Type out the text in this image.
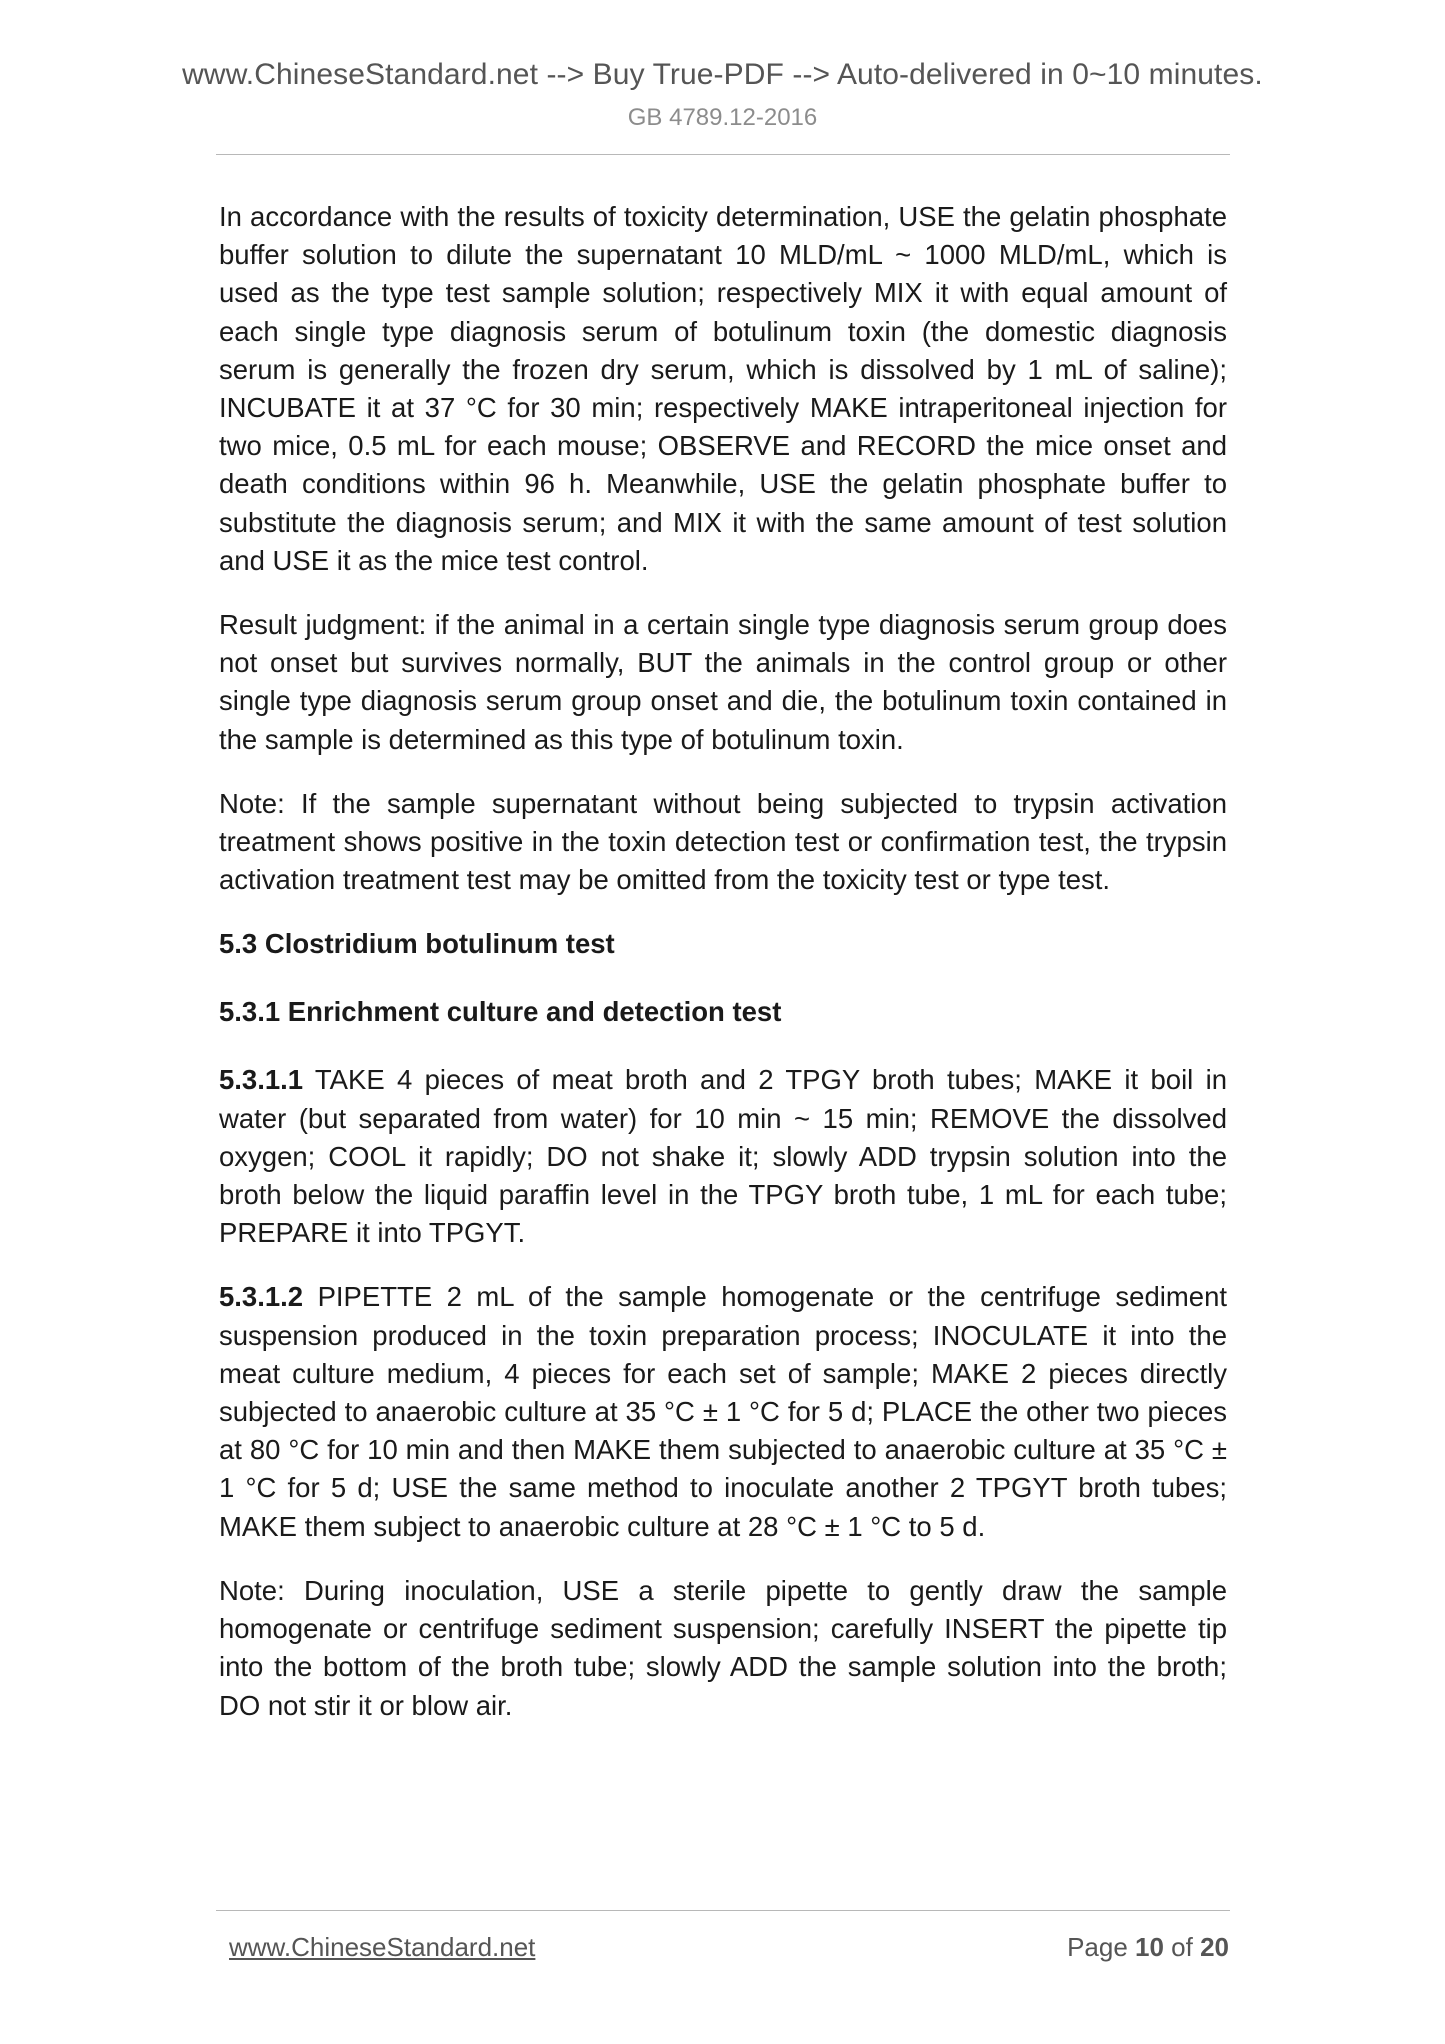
www.ChineseStandard.net --> Buy True-PDF --> Auto-delivered in 0~10 minutes.
GB 4789.12-2016

In accordance with the results of toxicity determination, USE the gelatin phosphate buffer solution to dilute the supernatant 10 MLD/mL ~ 1000 MLD/mL, which is used as the type test sample solution; respectively MIX it with equal amount of each single type diagnosis serum of botulinum toxin (the domestic diagnosis serum is generally the frozen dry serum, which is dissolved by 1 mL of saline); INCUBATE it at 37 °C for 30 min; respectively MAKE intraperitoneal injection for two mice, 0.5 mL for each mouse; OBSERVE and RECORD the mice onset and death conditions within 96 h. Meanwhile, USE the gelatin phosphate buffer to substitute the diagnosis serum; and MIX it with the same amount of test solution and USE it as the mice test control.

Result judgment: if the animal in a certain single type diagnosis serum group does not onset but survives normally, BUT the animals in the control group or other single type diagnosis serum group onset and die, the botulinum toxin contained in the sample is determined as this type of botulinum toxin.

Note: If the sample supernatant without being subjected to trypsin activation treatment shows positive in the toxin detection test or confirmation test, the trypsin activation treatment test may be omitted from the toxicity test or type test.

5.3 Clostridium botulinum test
5.3.1 Enrichment culture and detection test

5.3.1.1 TAKE 4 pieces of meat broth and 2 TPGY broth tubes; MAKE it boil in water (but separated from water) for 10 min ~ 15 min; REMOVE the dissolved oxygen; COOL it rapidly; DO not shake it; slowly ADD trypsin solution into the broth below the liquid paraffin level in the TPGY broth tube, 1 mL for each tube; PREPARE it into TPGYT.

5.3.1.2 PIPETTE 2 mL of the sample homogenate or the centrifuge sediment suspension produced in the toxin preparation process; INOCULATE it into the meat culture medium, 4 pieces for each set of sample; MAKE 2 pieces directly subjected to anaerobic culture at 35 °C ± 1 °C for 5 d; PLACE the other two pieces at 80 °C for 10 min and then MAKE them subjected to anaerobic culture at 35 °C ± 1 °C for 5 d; USE the same method to inoculate another 2 TPGYT broth tubes; MAKE them subject to anaerobic culture at 28 °C ± 1 °C to 5 d.

Note: During inoculation, USE a sterile pipette to gently draw the sample homogenate or centrifuge sediment suspension; carefully INSERT the pipette tip into the bottom of the broth tube; slowly ADD the sample solution into the broth; DO not stir it or blow air.

www.ChineseStandard.net	Page 10 of 20
